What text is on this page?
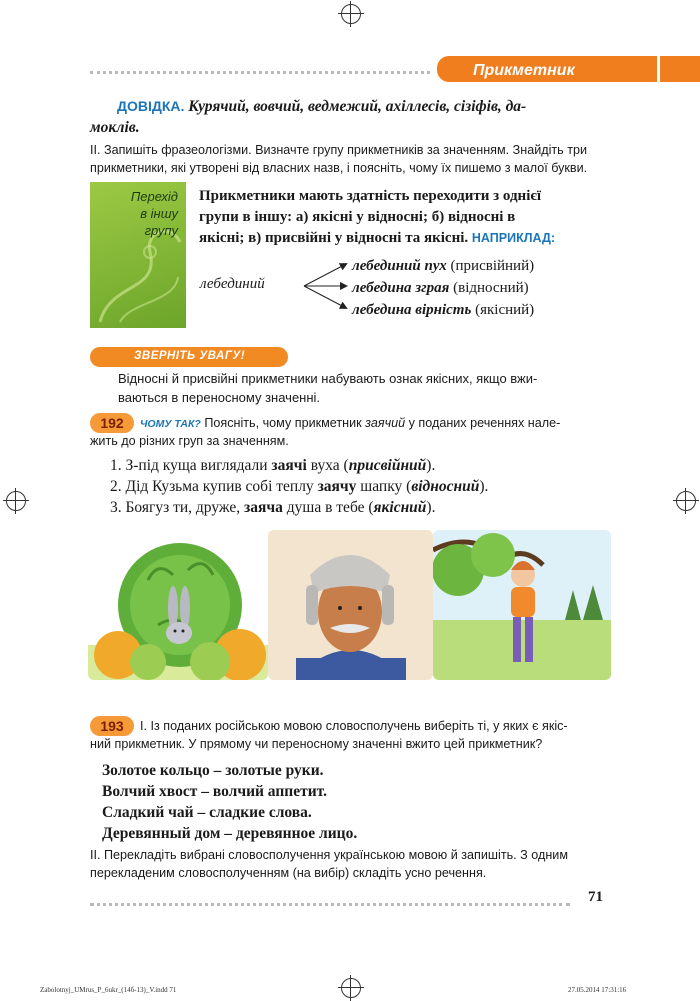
Прикметник
ДОВІДКА. Курячий, вовчий, ведмежий, ахіллесів, сізіфів, да-
моклів.
II. Запишіть фразеологізми. Визначте групу прикметників за значенням. Знайдіть три
прикметники, які утворені від власних назв, і поясніть, чому їх пишемо з малої букви.
Перехід
в іншу
групу
Прикметники мають здатність переходити з однієї
групи в іншу: а) якісні у відносні; б) відносні в
якісні; в) присвійні у відносні та якісні. НАПРИКЛАД:
лебединий
лебединий пух (присвійний)
лебедина зграя (відносний)
лебедина вірність (якісний)
ЗВЕРНІТЬ УВАГУ!
Відносні й присвійні прикметники набувають ознак якісних, якщо вжи-
ваються в переносному значенні.
192	ЧОМУ ТАК? Поясніть, чому прикметник заячий у поданих реченнях нале-
жить до різних груп за значенням.
1. З-під куща виглядали заячі вуха (присвійний).
2. Дід Кузьма купив собі теплу заячу шапку (відносний).
3. Боягуз ти, друже, заяча душа в тебе (якісний).
193	I. Із поданих російською мовою словосполучень виберіть ті, у яких є якіс-
ний прикметник. У прямому чи переносному значенні вжито цей прикметник?
Золотое кольцо – золотые руки.
Волчий хвост – волчий аппетит.
Сладкий чай – сладкие слова.
Деревянный дом – деревянное лицо.
II. Перекладіть вибрані словосполучення українською мовою й запишіть. З одним
перекладеним словосполученням (на вибір) складіть усно речення.
71
Zabolotnyj_UMrus_P_6ukr_(14б-13)_V.indd 71	27.05.2014 17:31:16
